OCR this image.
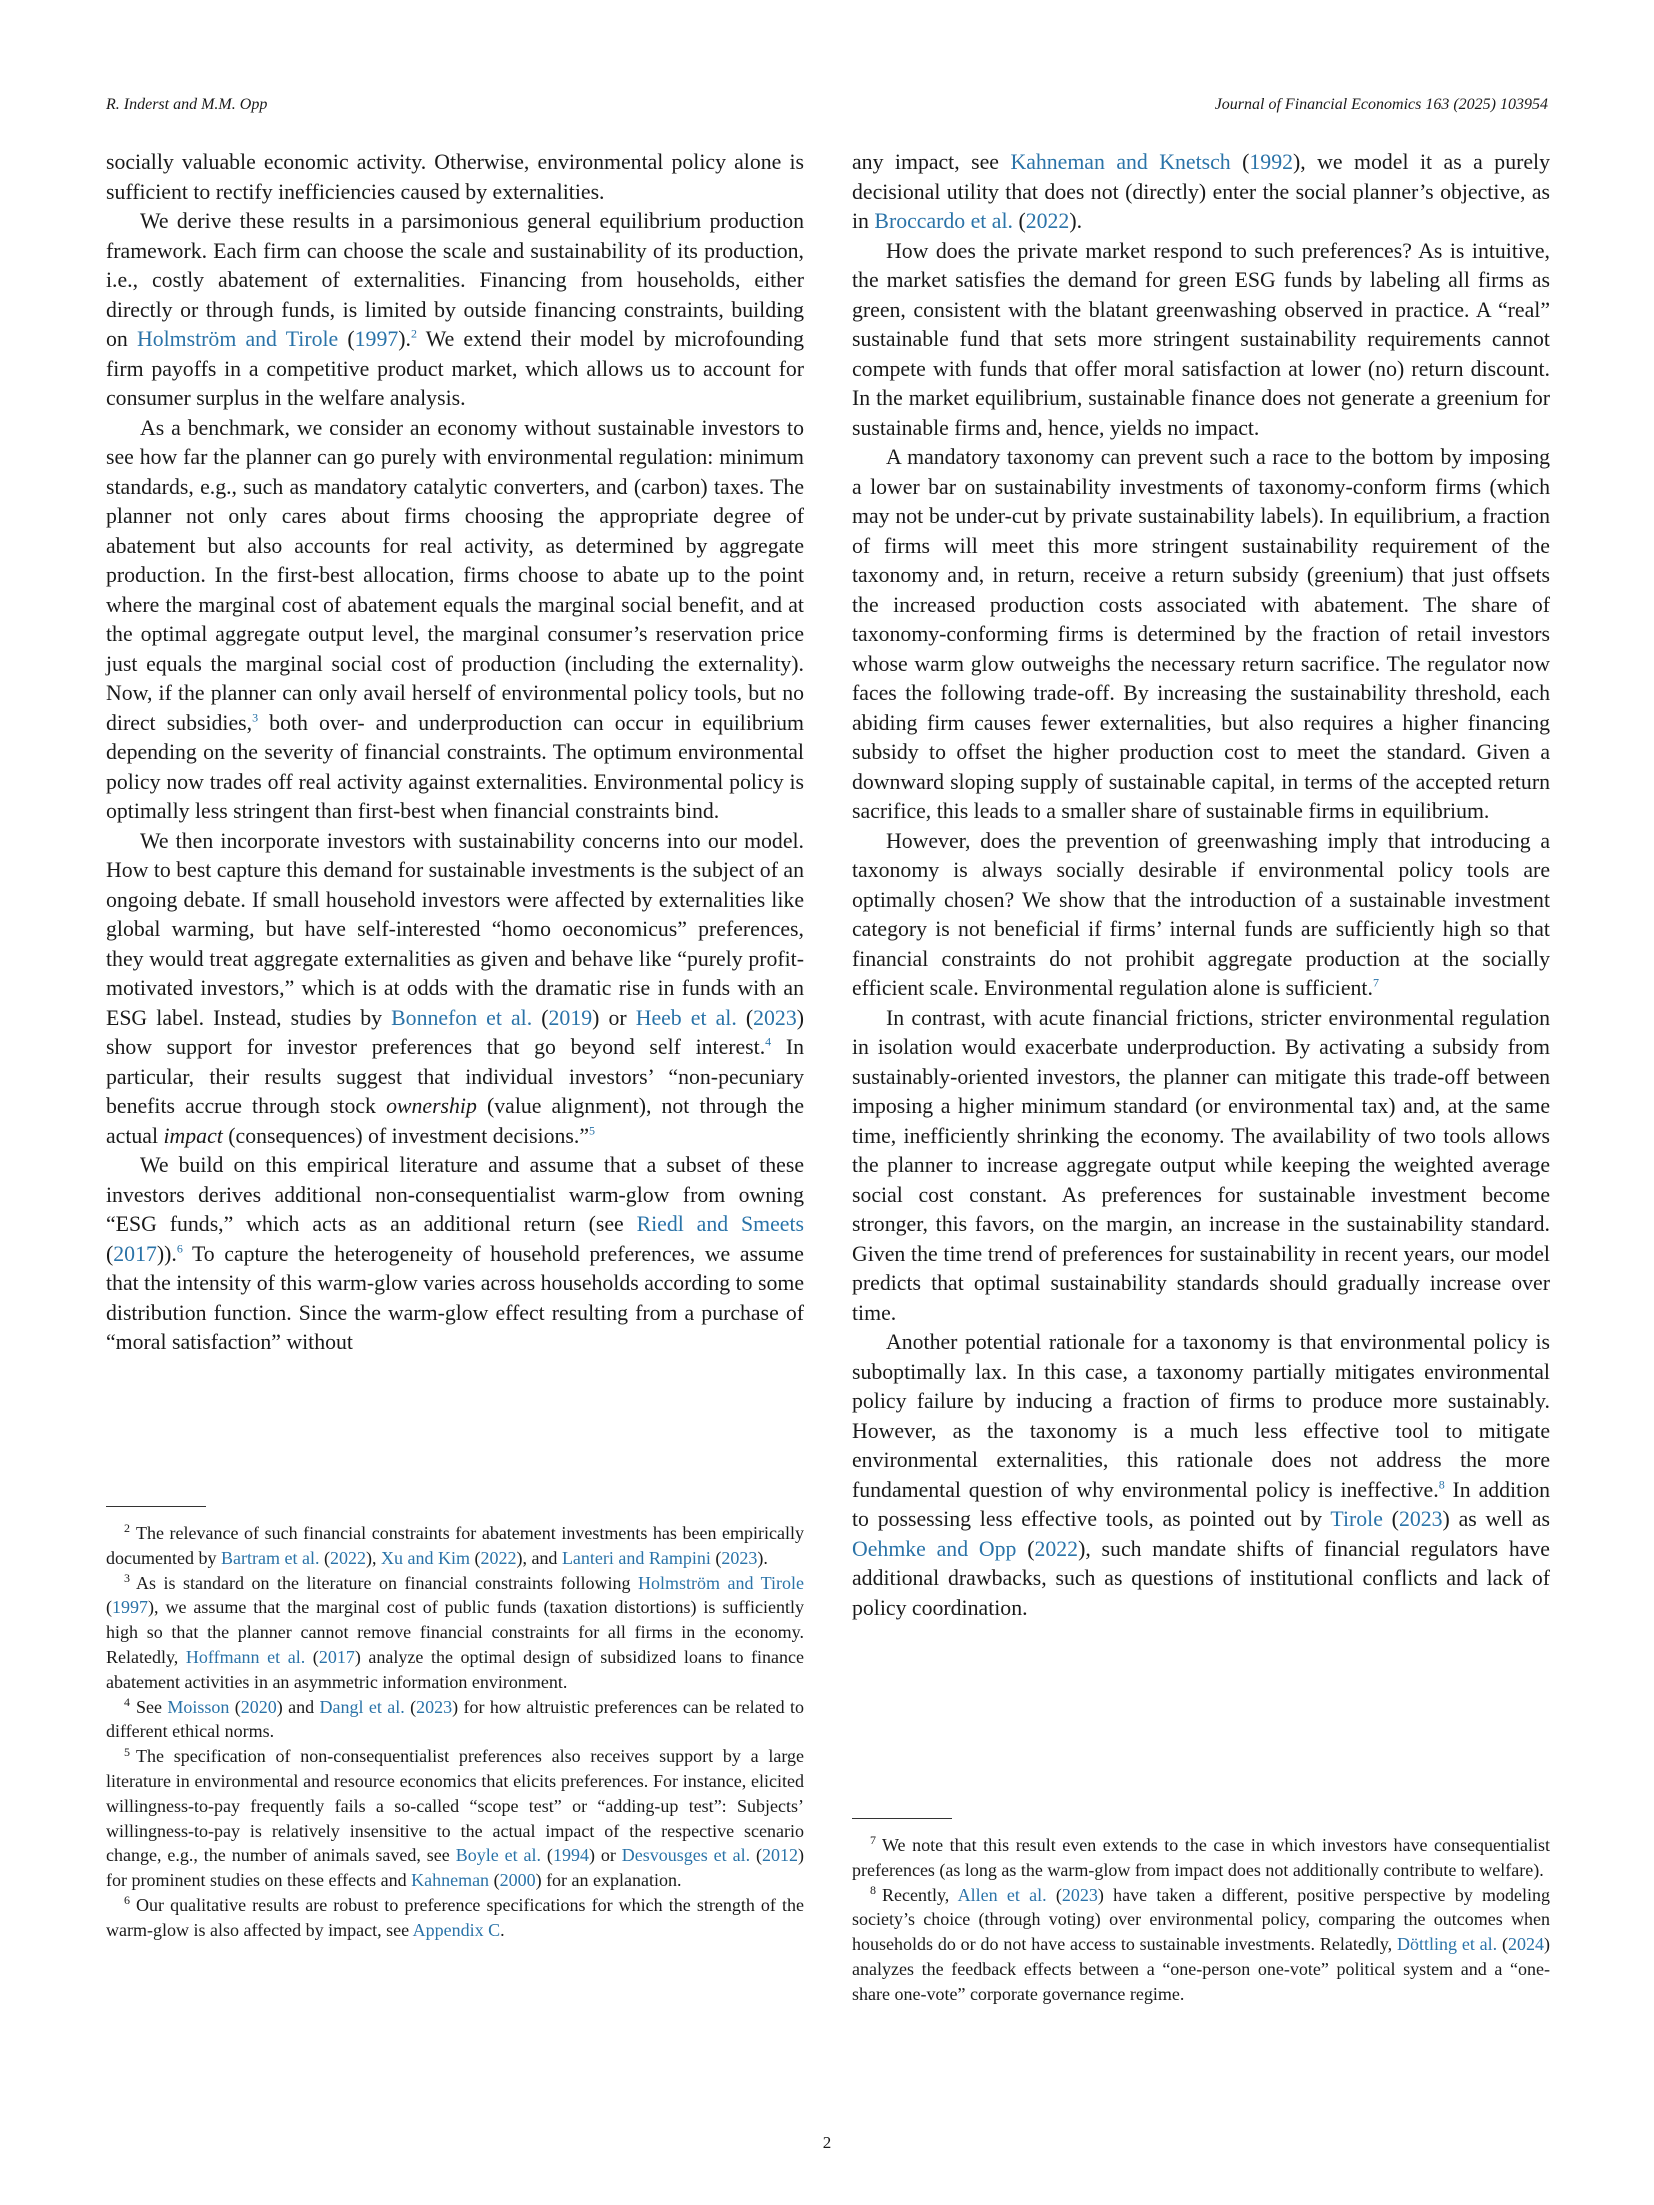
R. Inderst and M.M. Opp	Journal of Financial Economics 163 (2025) 103954

socially valuable economic activity. Otherwise, environmental policy alone is sufficient to rectify inefficiencies caused by externalities.

We derive these results in a parsimonious general equilibrium production framework. Each firm can choose the scale and sustainability of its production, i.e., costly abatement of externalities. Financing from households, either directly or through funds, is limited by outside financing constraints, building on Holmström and Tirole (1997).$^2$ We extend their model by microfounding firm payoffs in a competitive product market, which allows us to account for consumer surplus in the welfare analysis.

As a benchmark, we consider an economy without sustainable investors to see how far the planner can go purely with environmental regulation: minimum standards, e.g., such as mandatory catalytic converters, and (carbon) taxes. The planner not only cares about firms choosing the appropriate degree of abatement but also accounts for real activity, as determined by aggregate production. In the first-best allocation, firms choose to abate up to the point where the marginal cost of abatement equals the marginal social benefit, and at the optimal aggregate output level, the marginal consumer’s reservation price just equals the marginal social cost of production (including the externality). Now, if the planner can only avail herself of environmental policy tools, but no direct subsidies,$^3$ both over- and underproduction can occur in equilibrium depending on the severity of financial constraints. The optimum environmental policy now trades off real activity against externalities. Environmental policy is optimally less stringent than first-best when financial constraints bind.

We then incorporate investors with sustainability concerns into our model. How to best capture this demand for sustainable investments is the subject of an ongoing debate. If small household investors were affected by externalities like global warming, but have self-interested “homo oeconomicus” preferences, they would treat aggregate externalities as given and behave like “purely profit-motivated investors,” which is at odds with the dramatic rise in funds with an ESG label. Instead, studies by Bonnefon et al. (2019) or Heeb et al. (2023) show support for investor preferences that go beyond self interest.$^4$ In particular, their results suggest that individual investors’ “non-pecuniary benefits accrue through stock ownership (value alignment), not through the actual impact (consequences) of investment decisions.”$^5$

We build on this empirical literature and assume that a subset of these investors derives additional non-consequentialist warm-glow from owning “ESG funds,” which acts as an additional return (see Riedl and Smeets (2017)).$^6$ To capture the heterogeneity of household preferences, we assume that the intensity of this warm-glow varies across households according to some distribution function. Since the warm-glow effect resulting from a purchase of “moral satisfaction” without

any impact, see Kahneman and Knetsch (1992), we model it as a purely decisional utility that does not (directly) enter the social planner’s objective, as in Broccardo et al. (2022).

How does the private market respond to such preferences? As is intuitive, the market satisfies the demand for green ESG funds by labeling all firms as green, consistent with the blatant greenwashing observed in practice. A “real” sustainable fund that sets more stringent sustainability requirements cannot compete with funds that offer moral satisfaction at lower (no) return discount. In the market equilibrium, sustainable finance does not generate a greenium for sustainable firms and, hence, yields no impact.

A mandatory taxonomy can prevent such a race to the bottom by imposing a lower bar on sustainability investments of taxonomy-conform firms (which may not be under-cut by private sustainability labels). In equilibrium, a fraction of firms will meet this more stringent sustainability requirement of the taxonomy and, in return, receive a return subsidy (greenium) that just offsets the increased production costs associated with abatement. The share of taxonomy-conforming firms is determined by the fraction of retail investors whose warm glow outweighs the necessary return sacrifice. The regulator now faces the following trade-off. By increasing the sustainability threshold, each abiding firm causes fewer externalities, but also requires a higher financing subsidy to offset the higher production cost to meet the standard. Given a downward sloping supply of sustainable capital, in terms of the accepted return sacrifice, this leads to a smaller share of sustainable firms in equilibrium.

However, does the prevention of greenwashing imply that introducing a taxonomy is always socially desirable if environmental policy tools are optimally chosen? We show that the introduction of a sustainable investment category is not beneficial if firms’ internal funds are sufficiently high so that financial constraints do not prohibit aggregate production at the socially efficient scale. Environmental regulation alone is sufficient.$^7$

In contrast, with acute financial frictions, stricter environmental regulation in isolation would exacerbate underproduction. By activating a subsidy from sustainably-oriented investors, the planner can mitigate this trade-off between imposing a higher minimum standard (or environmental tax) and, at the same time, inefficiently shrinking the economy. The availability of two tools allows the planner to increase aggregate output while keeping the weighted average social cost constant. As preferences for sustainable investment become stronger, this favors, on the margin, an increase in the sustainability standard. Given the time trend of preferences for sustainability in recent years, our model predicts that optimal sustainability standards should gradually increase over time.

Another potential rationale for a taxonomy is that environmental policy is suboptimally lax. In this case, a taxonomy partially mitigates environmental policy failure by inducing a fraction of firms to produce more sustainably. However, as the taxonomy is a much less effective tool to mitigate environmental externalities, this rationale does not address the more fundamental question of why environmental policy is ineffective.$^8$ In addition to possessing less effective tools, as pointed out by Tirole (2023) as well as Oehmke and Opp (2022), such mandate shifts of financial regulators have additional drawbacks, such as questions of institutional conflicts and lack of policy coordination.

$^2$ The relevance of such financial constraints for abatement investments has been empirically documented by Bartram et al. (2022), Xu and Kim (2022), and Lanteri and Rampini (2023).

$^3$ As is standard on the literature on financial constraints following Holmström and Tirole (1997), we assume that the marginal cost of public funds (taxation distortions) is sufficiently high so that the planner cannot remove financial constraints for all firms in the economy. Relatedly, Hoffmann et al. (2017) analyze the optimal design of subsidized loans to finance abatement activities in an asymmetric information environment.

$^4$ See Moisson (2020) and Dangl et al. (2023) for how altruistic preferences can be related to different ethical norms.

$^5$ The specification of non-consequentialist preferences also receives support by a large literature in environmental and resource economics that elicits preferences. For instance, elicited willingness-to-pay frequently fails a so-called “scope test” or “adding-up test”: Subjects’ willingness-to-pay is relatively insensitive to the actual impact of the respective scenario change, e.g., the number of animals saved, see Boyle et al. (1994) or Desvousges et al. (2012) for prominent studies on these effects and Kahneman (2000) for an explanation.

$^6$ Our qualitative results are robust to preference specifications for which the strength of the warm-glow is also affected by impact, see Appendix C.

$^7$ We note that this result even extends to the case in which investors have consequentialist preferences (as long as the warm-glow from impact does not additionally contribute to welfare).

$^8$ Recently, Allen et al. (2023) have taken a different, positive perspective by modeling society’s choice (through voting) over environmental policy, comparing the outcomes when households do or do not have access to sustainable investments. Relatedly, Döttling et al. (2024) analyzes the feedback effects between a “one-person one-vote” political system and a “one-share one-vote” corporate governance regime.

2
